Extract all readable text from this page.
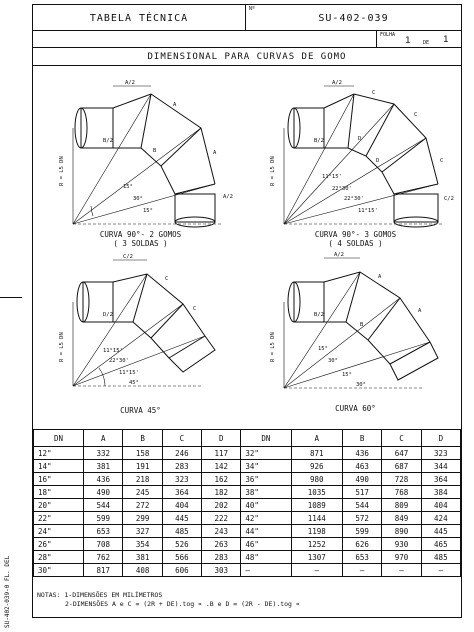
SU-402-039-0 FL. DEL
TABELA TÉCNICA
Nº
SU-402-039
FOLHA
1	DE 1
DIMENSIONAL PARA CURVAS DE GOMO
A/2
B/2
A
B	A
A/2
15°
30°
15°
R = L5 DN
CURVA 90°- 2 GOMOS
( 3 SOLDAS )
A/2
B/2
C
D
C
D	C
C/2
11°15'
22°30'
22°30'
11°15'
R = L5 DN
CURVA 90°- 3 GOMOS
( 4 SOLDAS )
C/2
D/2
C
C
11°15'
22°30'
11°15'
45°
R = L5 DN
CURVA 45°
A/2
B/2
A
B
A
15°
30°
15°
30°
R = L5 DN
CURVA 60°
DN	A	B	C	D	DN	A	B	C	D
12"	332	158	246	117	32"	871	436	647	323
14"	381	191	283	142	34"	926	463	687	344
16"	436	218	323	162	36"	980	490	728	364
18"	490	245	364	182	38"	1035	517	768	384
20"	544	272	404	202	40"	1089	544	809	404
22"	599	299	445	222	42"	1144	572	849	424
24"	653	327	485	243	44"	1198	599	890	445
26"	708	354	526	263	46"	1252	626	930	465
28"	762	381	566	283	48"	1307	653	970	485
30"	817	408	606	303	—	—	—	—	—
NOTAS: 1-DIMENSÕES EM MILÍMETROS
2-DIMENSÕES A e C = (2R + DE).tog ∝ .B e D = (2R - DE).tog ∝
